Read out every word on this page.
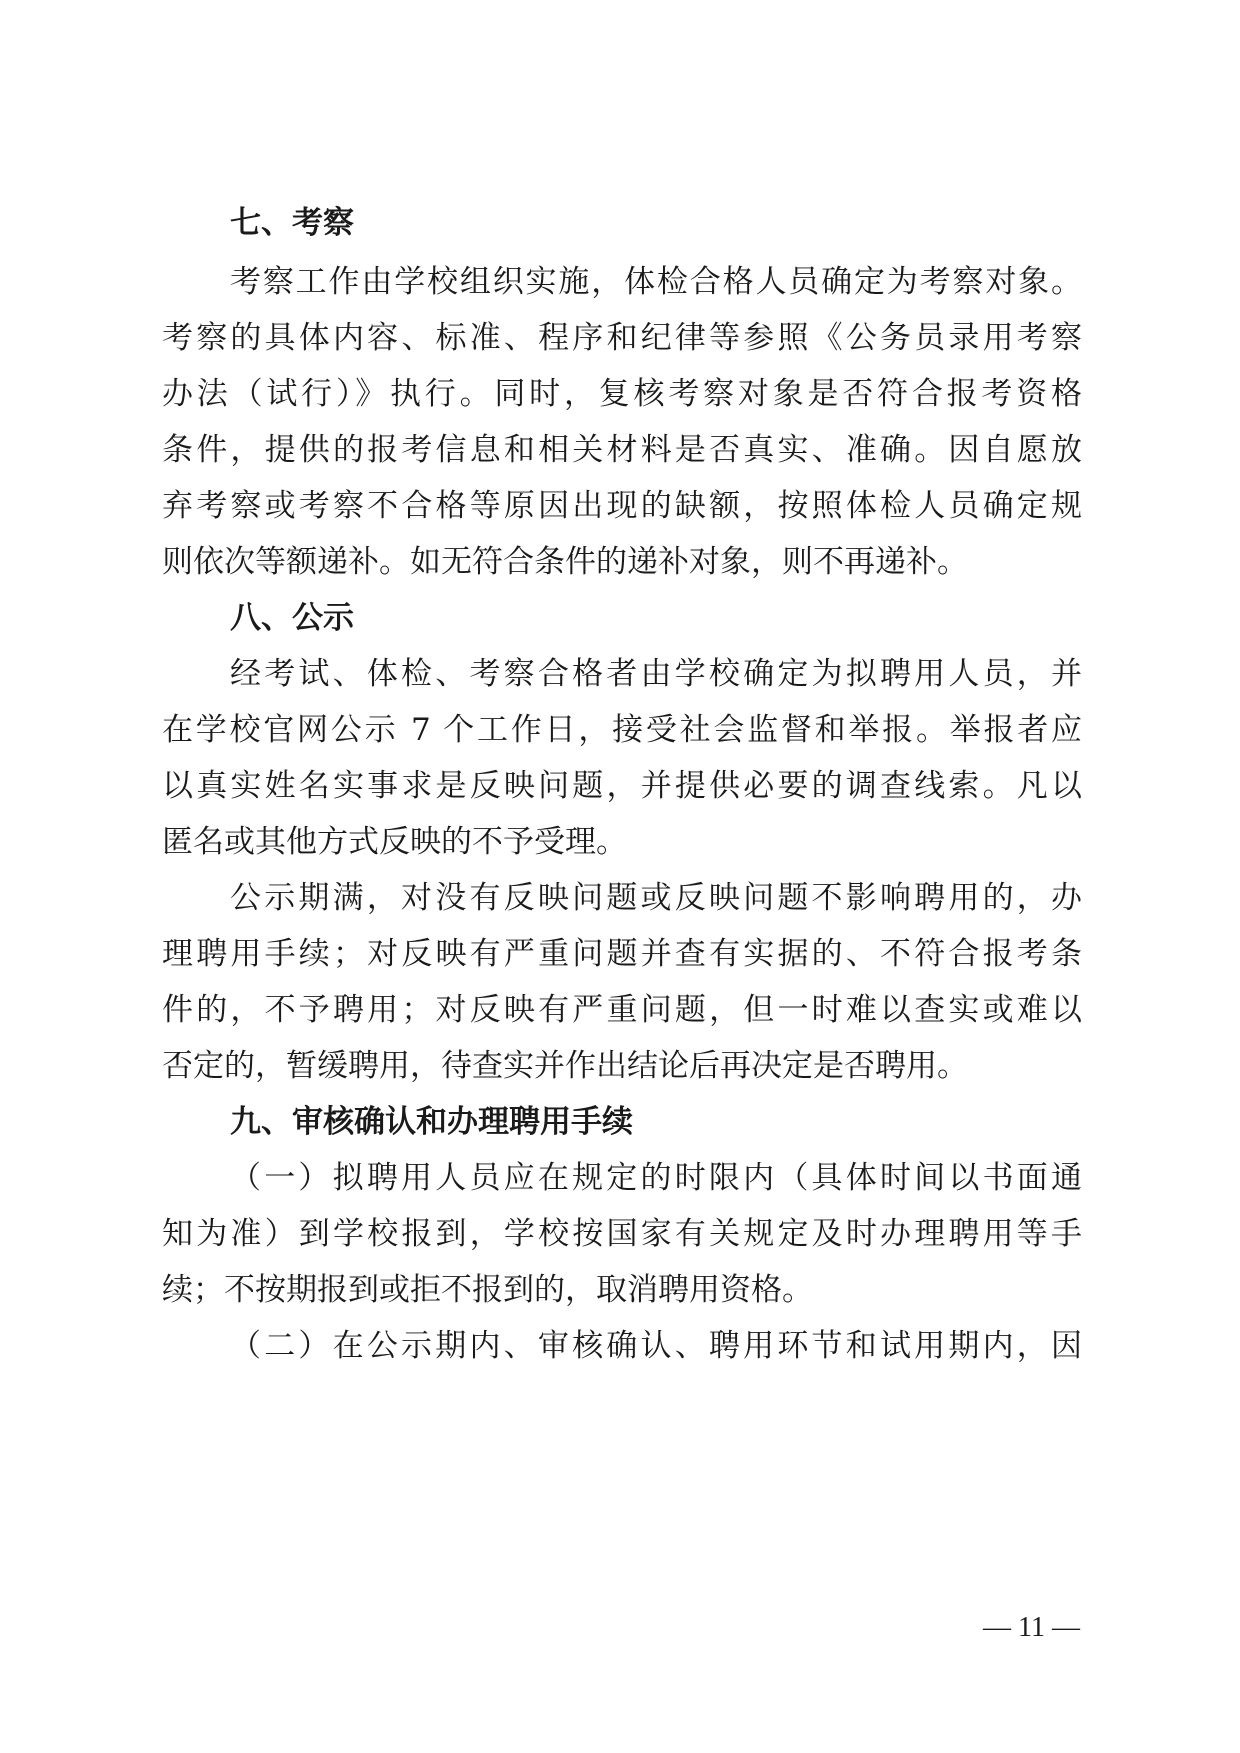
七、考察
考察工作由学校组织实施，体检合格人员确定为考察对象。
考察的具体内容、标准、程序和纪律等参照《公务员录用考察
办法（试行）》执行。同时，复核考察对象是否符合报考资格
条件，提供的报考信息和相关材料是否真实、准确。因自愿放
弃考察或考察不合格等原因出现的缺额，按照体检人员确定规
则依次等额递补。如无符合条件的递补对象，则不再递补。
八、公示
经考试、体检、考察合格者由学校确定为拟聘用人员，并
在学校官网公示 7 个工作日，接受社会监督和举报。举报者应
以真实姓名实事求是反映问题，并提供必要的调查线索。凡以
匿名或其他方式反映的不予受理。
公示期满，对没有反映问题或反映问题不影响聘用的，办
理聘用手续；对反映有严重问题并查有实据的、不符合报考条
件的，不予聘用；对反映有严重问题，但一时难以查实或难以
否定的，暂缓聘用，待查实并作出结论后再决定是否聘用。
九、审核确认和办理聘用手续
（一）拟聘用人员应在规定的时限内（具体时间以书面通
知为准）到学校报到，学校按国家有关规定及时办理聘用等手
续；不按期报到或拒不报到的，取消聘用资格。
（二）在公示期内、审核确认、聘用环节和试用期内，因
— 11 —
